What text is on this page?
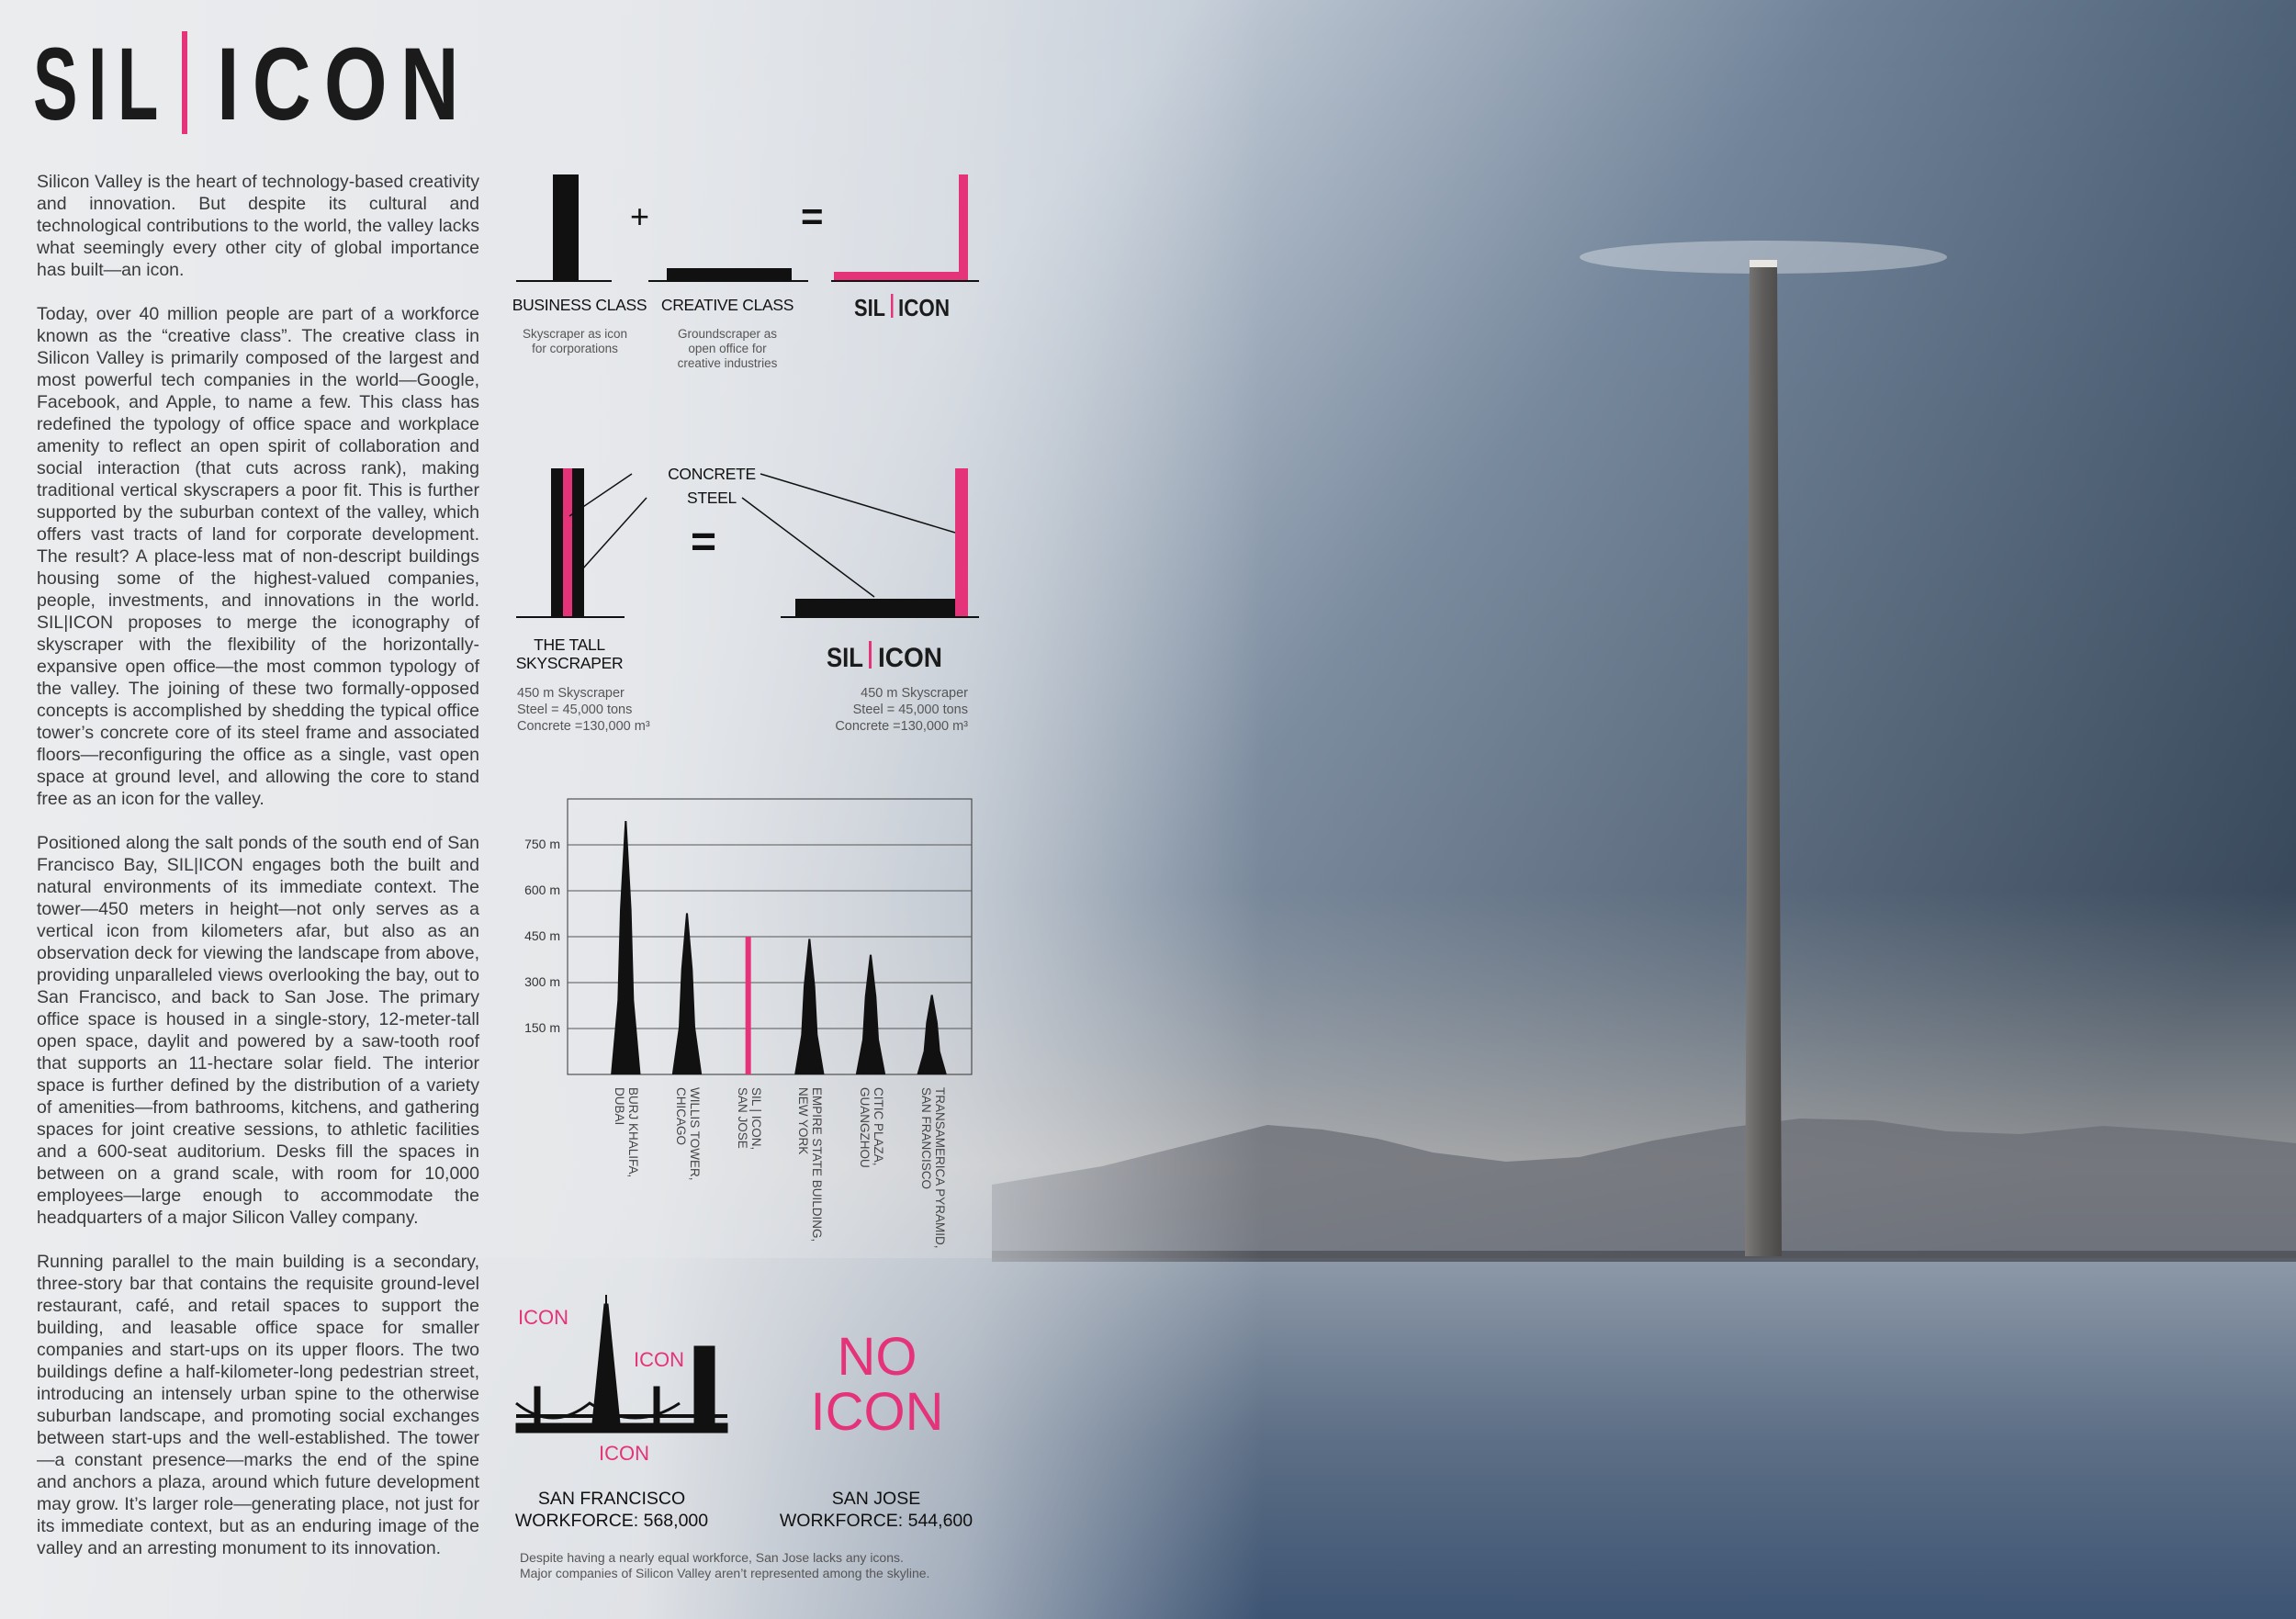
SIL ICON

Silicon Valley is the heart of technology-based creativity and innovation. But despite its cultural and technological contributions to the world, the valley lacks what seemingly every other city of global importance has built—an icon.

Today, over 40 million people are part of a workforce known as the “creative class”. The creative class in Silicon Valley is primarily composed of the largest and most powerful tech companies in the world—Google, Facebook, and Apple, to name a few. This class has redefined the typology of office space and workplace amenity to reflect an open spirit of collaboration and social interaction (that cuts across rank), making traditional vertical skyscrapers a poor fit. This is further supported by the suburban context of the valley, which offers vast tracts of land for corporate development. The result? A place-less mat of non-descript buildings housing some of the highest-valued companies, people, investments, and innovations in the world. SIL|ICON proposes to merge the iconography of skyscraper with the flexibility of the horizontally-expansive open office—the most common typology of the valley. The joining of these two formally-opposed concepts is accomplished by shedding the typical office tower’s concrete core of its steel frame and associated floors—reconfiguring the office as a single, vast open space at ground level, and allowing the core to stand free as an icon for the valley.

Positioned along the salt ponds of the south end of San Francisco Bay, SIL|ICON engages both the built and natural environments of its immediate context. The tower—450 meters in height—not only serves as a vertical icon from kilometers afar, but also as an observation deck for viewing the landscape from above, providing unparalleled views overlooking the bay, out to San Francisco, and back to San Jose. The primary office space is housed in a single-story, 12-meter-tall open space, daylit and powered by a saw-tooth roof that supports an 11-hectare solar field. The interior space is further defined by the distribution of a variety of amenities—from bathrooms, kitchens, and gathering spaces for joint creative sessions, to athletic facilities and a 600-seat auditorium. Desks fill the spaces in between on a grand scale, with room for 10,000 employees—large enough to accommodate the headquarters of a major Silicon Valley company.

Running parallel to the main building is a secondary, three-story bar that contains the requisite ground-level restaurant, café, and retail spaces to support the building, and leasable office space for smaller companies and start-ups on its upper floors. The two buildings define a half-kilometer-long pedestrian street, introducing an intensely urban spine to the otherwise suburban landscape, and promoting social exchanges between start-ups and the well-established. The tower—a constant presence—marks the end of the spine and anchors a plaza, around which future development may grow. It’s larger role—generating place, not just for its immediate context, but as an enduring image of the valley and an arresting monument to its innovation.

+	=
BUSINESS CLASS
Skyscraper as icon
for corporations
CREATIVE CLASS
Groundscraper as
open office for
creative industries
SIL ICON
=
CONCRETE
STEEL
THE TALL
SKYSCRAPER	SIL ICON
450 m Skyscraper
Steel = 45,000 tons
Concrete =130,000 m³
450 m Skyscraper
Steel = 45,000 tons
Concrete =130,000 m³
150 m
300 m
450 m
600 m
750 m
BURJ KHALIFA,
DUBAI	WILLIS TOWER,
CHICAGO	SIL | ICON,
SAN JOSE	EMPIRE STATE BUILDING,
NEW YORK	CITIC PLAZA,
GUANGZHOU	TRANSAMERICA PYRAMID,
SAN FRANCISCO
ICON
ICON
ICON
NO
ICON
SAN FRANCISCO
WORKFORCE: 568,000
SAN JOSE
WORKFORCE: 544,600
Despite having a nearly equal workforce, San Jose lacks any icons.
Major companies of Silicon Valley aren’t represented among the skyline.
